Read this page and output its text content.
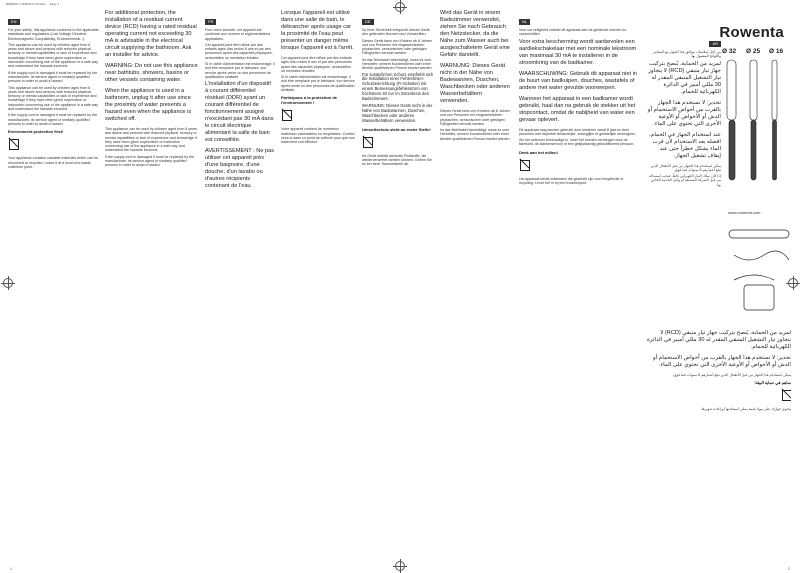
RM5806 1 CF3032 & CF3112 ... Page 1
EN

For your safety, this appliance conforms to the applicable standards and regulations (Low Voltage Directive, Electromagnetic Compatibility, Environmental...).

This appliance can be used by children aged from 8 years and above and persons with reduced physical, sensory or mental capabilities or lack of experience and knowledge if they have been given supervision or instruction concerning use of the appliance in a safe way and understand the hazards involved.

If the supply cord is damaged it must be replaced by the manufacturer, its service agent or similarly qualified persons in order to avoid a hazard.

This appliance can be used by children aged from 8 years and above and persons with reduced physical, sensory or mental capabilities or lack of experience and knowledge if they have been given supervision or instruction concerning use of the appliance in a safe way and understand the hazards involved.

If the supply cord is damaged it must be replaced by the manufacturer, its service agent or similarly qualified persons in order to avoid a hazard.

Environment protection first!

Your appliance contains valuable materials which can be recovered or recycled. Leave it at a local civic waste collection point.

For additional protection, the installation of a residual current device (RCD) having a rated residual operating current not exceeding 30 mA is advisable in the electrical circuit supplying the bathroom. Ask an installer for advice.

WARNING: Do not use this appliance near bathtubs, showers, basins or other vessels containing water.

When the appliance is used in a bathroom, unplug it after use since the proximity of water presents a hazard even when the appliance is switched off.

This appliance can be used by children aged from 8 years and above and persons with reduced physical, sensory or mental capabilities or lack of experience and knowledge if they have been given supervision or instruction concerning use of the appliance in a safe way and understand the hazards involved.

If the supply cord is damaged it must be replaced by the manufacturer, its service agent or similarly qualified persons in order to avoid a hazard.

FR

Pour votre sécurité, cet appareil est conforme aux normes et réglementations applicables.

Cet appareil peut être utilisé par des enfants âgés d'au moins 8 ans et par des personnes ayant des capacités physiques, sensorielles ou mentales réduites.

Si le câble d'alimentation est endommagé, il doit être remplacé par le fabricant, son service après-vente ou des personnes de qualification similaire.

L'installation d'un dispositif à courant différentiel résiduel (DDR) ayant un courant différentiel de fonctionnement assigné n'excédant pas 30 mA dans le circuit électrique alimentant la salle de bain est conseillée.

AVERTISSEMENT : Ne pas utiliser cet appareil près d'une baignoire, d'une douche, d'un lavabo ou d'autres récipients contenant de l'eau.

Lorsque l'appareil est utilisé dans une salle de bain, le débrancher après usage car la proximité de l'eau peut présenter un danger même lorsque l'appareil est à l'arrêt.

Cet appareil peut être utilisé par des enfants âgés d'au moins 8 ans et par des personnes ayant des capacités physiques, sensorielles ou mentales réduites.

Si le câble d'alimentation est endommagé, il doit être remplacé par le fabricant, son service après-vente ou des personnes de qualification similaire.

Participons à la protection de l'environnement !

Votre appareil contient de nombreux matériaux valorisables ou recyclables. Confiez celui-ci dans un point de collecte pour que son traitement soit effectué.

DE

Zu Ihrer Sicherheit entspricht dieses Gerät den geltenden Normen und Vorschriften.

Dieses Gerät kann von Kindern ab 8 Jahren und von Personen mit eingeschränkten physischen, sensorischen oder geistigen Fähigkeiten benutzt werden.

Ist das Netzkabel beschädigt, muss es vom Hersteller, seinem Kundendienst oder einer ähnlich qualifizierten Person ersetzt werden.

Für zusätzlichen Schutz empfiehlt sich die Installation einer Fehlerstrom-Schutzeinrichtung (FI-Schalter) mit einem Bemessungsfehlerstrom von höchstens 30 mA im Stromkreis des Badezimmers.

WARNUNG: Dieses Gerät nicht in der Nähe von Badewannen, Duschen, Waschbecken oder anderen Wasserbehältern verwenden.

Umweltschutz steht an erster Stelle!

Ihr Gerät enthält wertvolle Rohstoffe, die wiederverwertet werden können. Geben Sie es bei einer Sammelstelle ab.

Wird das Gerät in einem Badezimmer verwendet, ziehen Sie nach Gebrauch den Netzstecker, da die Nähe zum Wasser auch bei ausgeschaltetem Gerät eine Gefahr darstellt.

WARNUNG: Dieses Gerät nicht in der Nähe von Badewannen, Duschen, Waschbecken oder anderen Wasserbehältern verwenden.

Dieses Gerät kann von Kindern ab 8 Jahren und von Personen mit eingeschränkten physischen, sensorischen oder geistigen Fähigkeiten benutzt werden.

Ist das Netzkabel beschädigt, muss es vom Hersteller, seinem Kundendienst oder einer ähnlich qualifizierten Person ersetzt werden.

NL

Voor uw veiligheid voldoet dit apparaat aan de geldende normen en voorschriften.

Voor extra bescherming wordt aanbevolen een aardlekschakelaar met een nominale lekstroom van maximaal 30 mA te installeren in de stroomkring van de badkamer.

WAARSCHUWING: Gebruik dit apparaat niet in de buurt van badkuipen, douches, wastafels of andere met water gevulde voorwerpen.

Wanneer het apparaat in een badkamer wordt gebruikt, haal dan na gebruik de stekker uit het stopcontact, omdat de nabijheid van water een gevaar oplevert.

Dit apparaat mag worden gebruikt door kinderen vanaf 8 jaar en door personen met beperkte lichamelijke, zintuiglijke of geestelijke vermogens.

Als het netsnoer beschadigd is, moet het worden vervangen door de fabrikant, de klantenservice of een gelijkwaardig gekwalificeerd persoon.

Denk aan het milieu!

Uw apparaat bevat materialen die geschikt zijn voor hergebruik of recycling. Lever het in bij een inzamelpunt.

Rowenta
Ø 32 Ø 25 Ø 16
www.rowenta.com
AR

من أجل سلامتك، يتوافق هذا الجهاز مع المعايير واللوائح المعمول بها.

لمزيد من الحماية، يُنصح بتركيب جهاز تيار متبقي (RCD) لا يتجاوز تيار التشغيل المتبقي المقدر له 30 مللي أمبير في الدائرة الكهربائية للحمام.

تحذير: لا تستخدم هذا الجهاز بالقرب من أحواض الاستحمام أو الدش أو الأحواض أو الأوعية الأخرى التي تحتوي على الماء.

عند استخدام الجهاز في الحمام، افصله بعد الاستخدام لأن قرب الماء يشكل خطراً حتى عند إيقاف تشغيل الجهاز.

يمكن استخدام هذا الجهاز من قبل الأطفال الذين تبلغ أعمارهم 8 سنوات فما فوق.

إذا كان سلك التيار الكهربائي تالفاً، فيجب استبداله من قبل الشركة المصنعة أو وكيل الخدمة الخاص بها.

لمزيد من الحماية، يُنصح بتركيب جهاز تيار متبقي (RCD) لا يتجاوز تيار التشغيل المتبقي المقدر له 30 مللي أمبير في الدائرة الكهربائية للحمام.

تحذير: لا تستخدم هذا الجهاز بالقرب من أحواض الاستحمام أو الدش أو الأحواض أو الأوعية الأخرى التي تحتوي على الماء.

يمكن استخدام هذا الجهاز من قبل الأطفال الذين تبلغ أعمارهم 8 سنوات فما فوق.

ساهم في حماية البيئة!

يحتوي جهازك على مواد قيمة يمكن استعادتها أو إعادة تدويرها.

1	2
